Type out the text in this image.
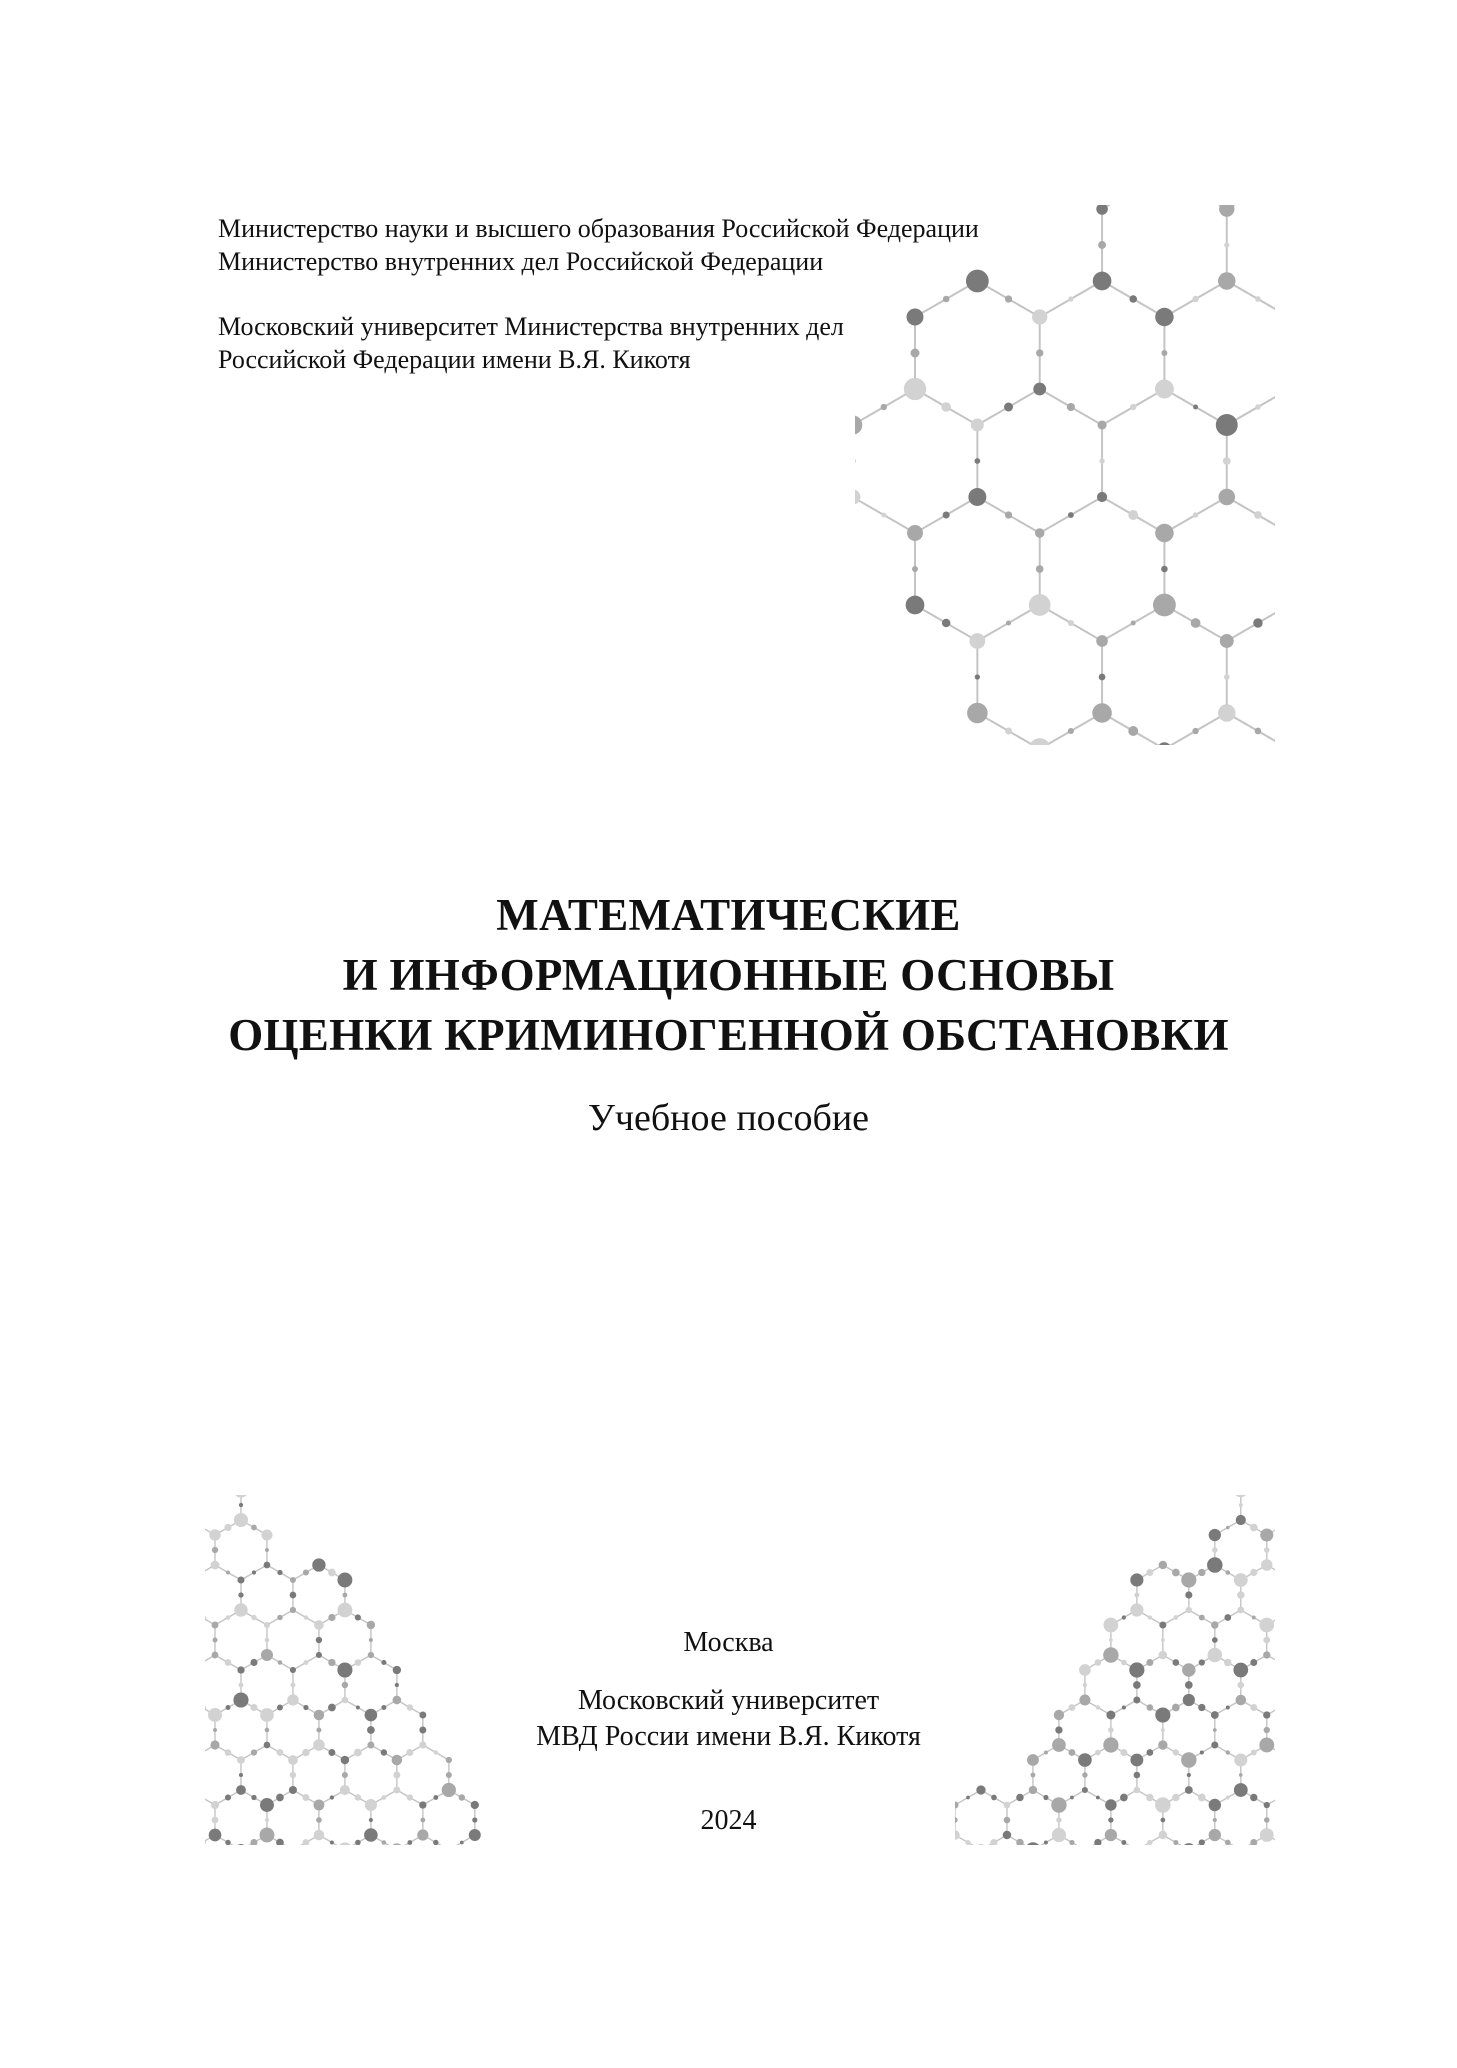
Министерство науки и высшего образования Российской Федерации
Министерство внутренних дел Российской Федерации
Московский университет Министерства внутренних дел
Российской Федерации имени В.Я. Кикотя
МАТЕМАТИЧЕСКИЕ
И ИНФОРМАЦИОННЫЕ ОСНОВЫ
ОЦЕНКИ КРИМИНОГЕННОЙ ОБСТАНОВКИ
Учебное пособие
Москва
Московский университет
МВД России имени В.Я. Кикотя
2024
